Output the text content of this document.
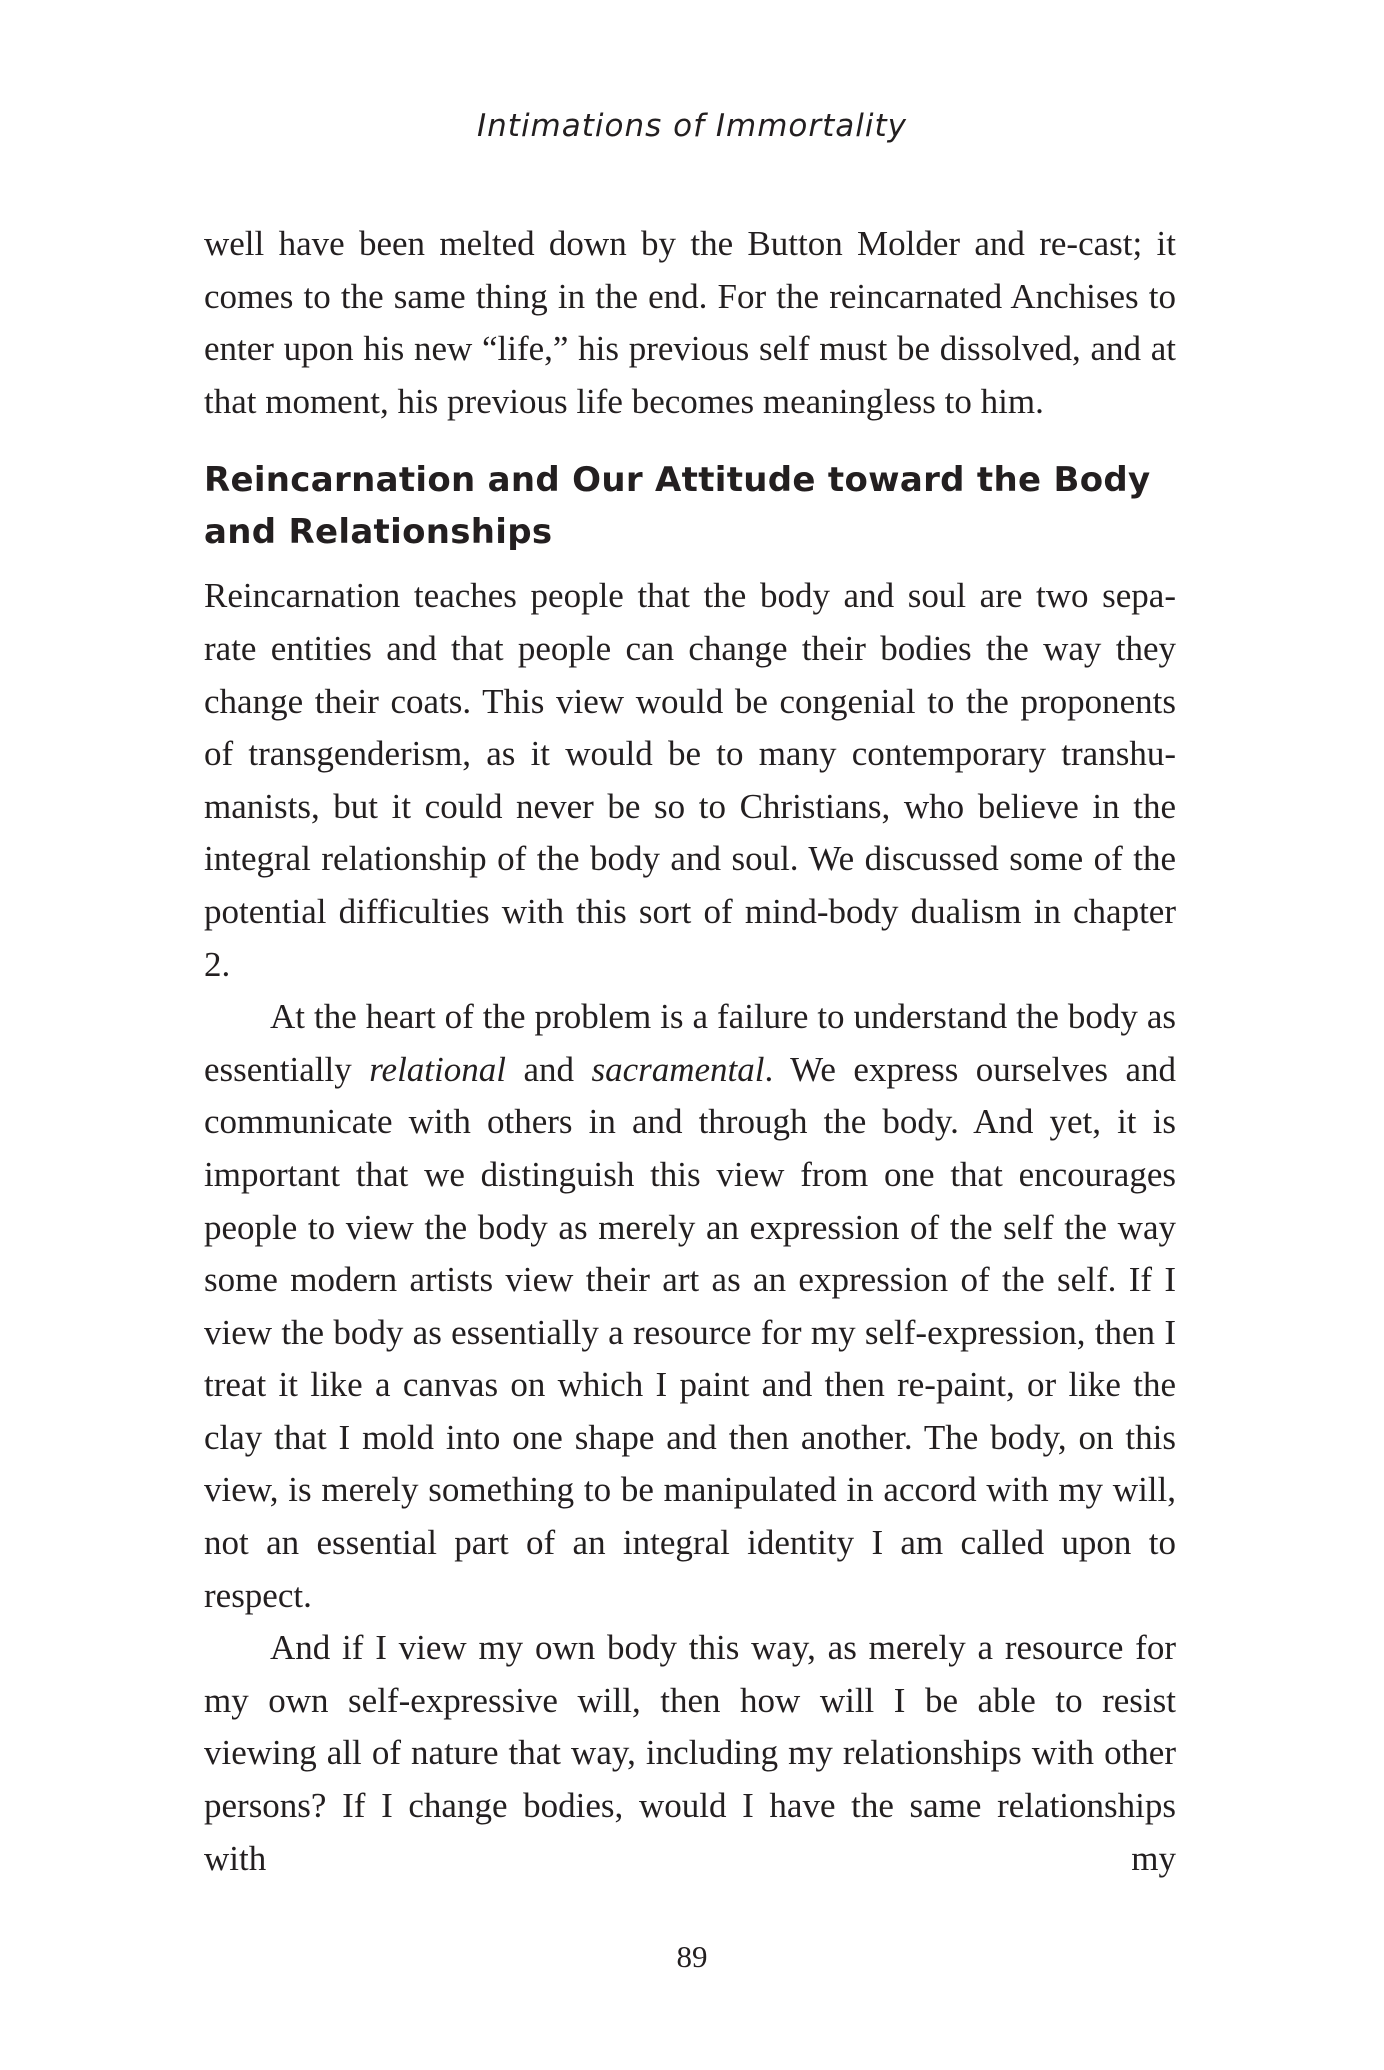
Intimations of Immortality

well have been melted down by the Button Molder and re-cast; it comes to the same thing in the end. For the reincarnated Anchises to enter upon his new “life,” his previous self must be dissolved, and at that moment, his previous life becomes meaningless to him.

Reincarnation and Our Attitude toward the Body
and Relationships

Reincarnation teaches people that the body and soul are two sepa-​rate entities and that people can change their bodies the way they change their coats. This view would be congenial to the proponents of transgenderism, as it would be to many contemporary transhu-​manists, but it could never be so to Christians, who believe in the integral relationship of the body and soul. We discussed some of the potential difficulties with this sort of mind-body dualism in chapter 2.

At the heart of the problem is a failure to understand the body as essentially relational and sacramental. We express ourselves and communicate with others in and through the body. And yet, it is important that we distinguish this view from one that encourages people to view the body as merely an expression of the self the way some modern artists view their art as an expression of the self. If I view the body as essentially a resource for my self-expression, then I treat it like a canvas on which I paint and then re-paint, or like the clay that I mold into one shape and then another. The body, on this view, is merely something to be manipulated in accord with my will, not an essential part of an integral identity I am called upon to respect.

And if I view my own body this way, as merely a resource for my own self-expressive will, then how will I be able to resist viewing all of nature that way, including my relationships with other persons? If I change bodies, would I have the same relationships with my

89
